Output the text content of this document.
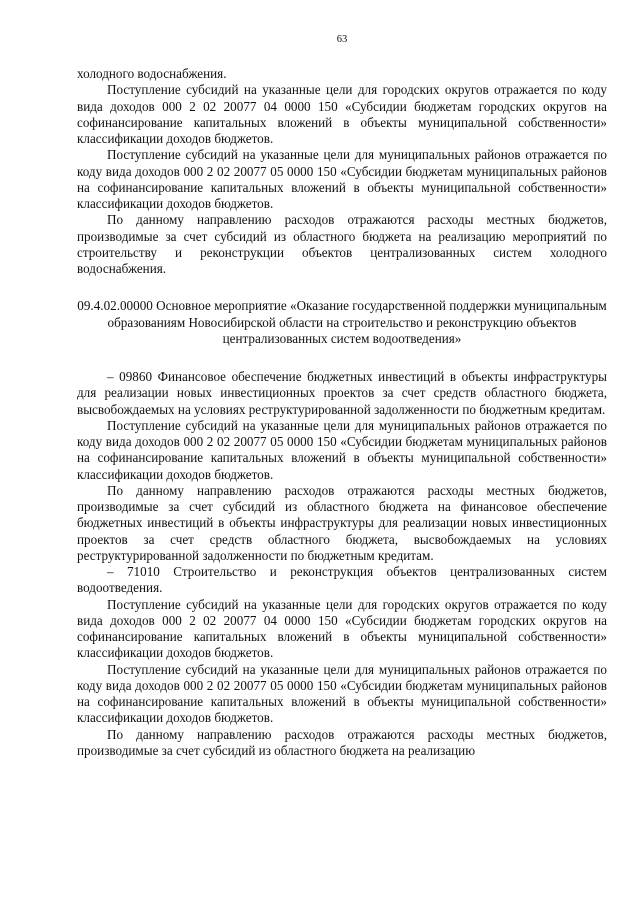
63

холодного водоснабжения.

Поступление субсидий на указанные цели для городских округов отражается по коду вида доходов 000 2 02 20077 04 0000 150 «Субсидии бюджетам городских округов на софинансирование капитальных вложений в объекты муниципальной собственности» классификации доходов бюджетов.

Поступление субсидий на указанные цели для муниципальных районов отражается по коду вида доходов 000 2 02 20077 05 0000 150 «Субсидии бюджетам муниципальных районов на софинансирование капитальных вложений в объекты муниципальной собственности» классификации доходов бюджетов.

По данному направлению расходов отражаются расходы местных бюджетов, производимые за счет субсидий из областного бюджета на реализацию мероприятий по строительству и реконструкции объектов централизованных систем холодного водоснабжения.

09.4.02.00000 Основное мероприятие «Оказание государственной поддержки муниципальным образованиям Новосибирской области на строительство и реконструкцию объектов централизованных систем водоотведения»

– 09860 Финансовое обеспечение бюджетных инвестиций в объекты инфраструктуры для реализации новых инвестиционных проектов за счет средств областного бюджета, высвобождаемых на условиях реструктурированной задолженности по бюджетным кредитам.

Поступление субсидий на указанные цели для муниципальных районов отражается по коду вида доходов 000 2 02 20077 05 0000 150 «Субсидии бюджетам муниципальных районов на софинансирование капитальных вложений в объекты муниципальной собственности» классификации доходов бюджетов.

По данному направлению расходов отражаются расходы местных бюджетов, производимые за счет субсидий из областного бюджета на финансовое обеспечение бюджетных инвестиций в объекты инфраструктуры для реализации новых инвестиционных проектов за счет средств областного бюджета, высвобождаемых на условиях реструктурированной задолженности по бюджетным кредитам.

– 71010 Строительство и реконструкция объектов централизованных систем водоотведения.

Поступление субсидий на указанные цели для городских округов отражается по коду вида доходов 000 2 02 20077 04 0000 150 «Субсидии бюджетам городских округов на софинансирование капитальных вложений в объекты муниципальной собственности» классификации доходов бюджетов.

Поступление субсидий на указанные цели для муниципальных районов отражается по коду вида доходов 000 2 02 20077 05 0000 150 «Субсидии бюджетам муниципальных районов на софинансирование капитальных вложений в объекты муниципальной собственности» классификации доходов бюджетов.

По данному направлению расходов отражаются расходы местных бюджетов, производимые за счет субсидий из областного бюджета на реализацию
